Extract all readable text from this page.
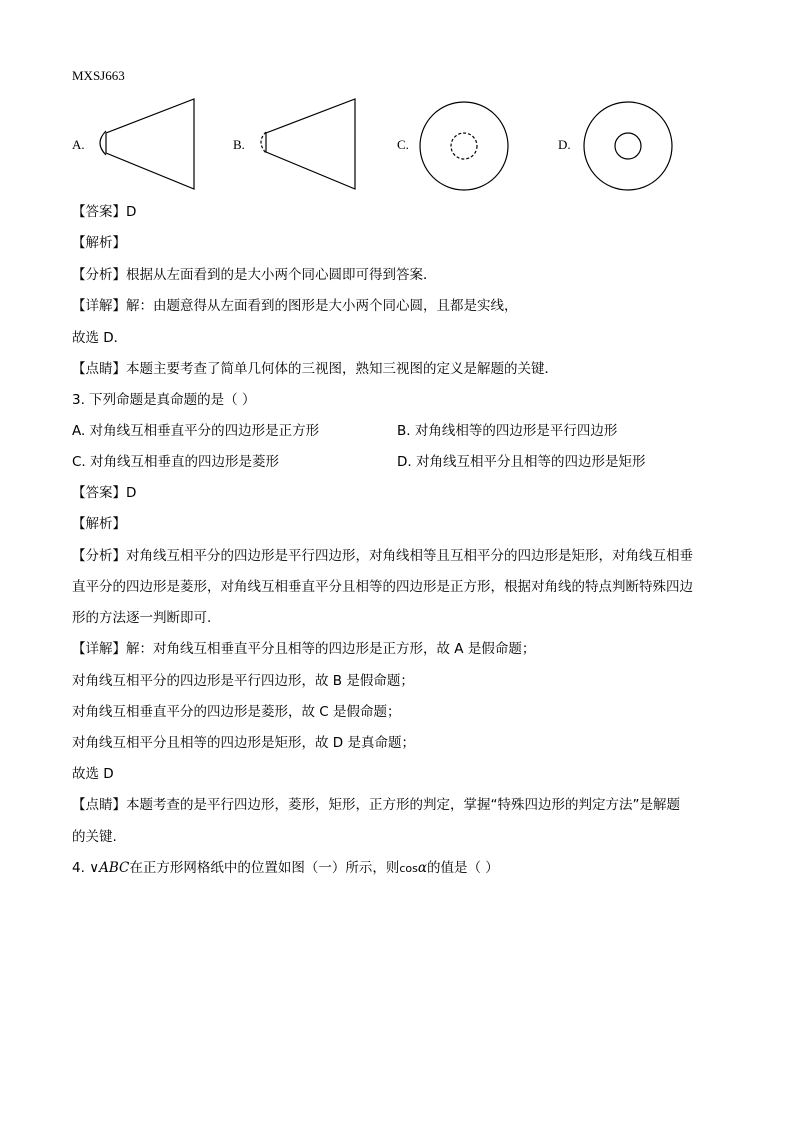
MXSJ663
A.	B.	C.	D.
【答案】D
【解析】
【分析】根据从左面看到的是大小两个同心圆即可得到答案．
【详解】解：由题意得从左面看到的图形是大小两个同心圆，且都是实线，
故选 D．
【点睛】本题主要考查了简单几何体的三视图，熟知三视图的定义是解题的关键．
3. 下列命题是真命题的是（ ）
A. 对角线互相垂直平分的四边形是正方形	B. 对角线相等的四边形是平行四边形
C. 对角线互相垂直的四边形是菱形	D. 对角线互相平分且相等的四边形是矩形
【答案】D
【解析】
【分析】对角线互相平分的四边形是平行四边形，对角线相等且互相平分的四边形是矩形，对角线互相垂
直平分的四边形是菱形，对角线互相垂直平分且相等的四边形是正方形，根据对角线的特点判断特殊四边
形的方法逐一判断即可.
【详解】解：对角线互相垂直平分且相等的四边形是正方形，故 A 是假命题；
对角线互相平分的四边形是平行四边形，故 B 是假命题；
对角线互相垂直平分的四边形是菱形，故 C 是假命题；
对角线互相平分且相等的四边形是矩形，故 D 是真命题；
故选 D
【点睛】本题考查的是平行四边形，菱形，矩形，正方形的判定，掌握“特殊四边形的判定方法”是解题
的关键.
4. ∨ABC在正方形网格纸中的位置如图（一）所示，则cosα的值是（ ）
